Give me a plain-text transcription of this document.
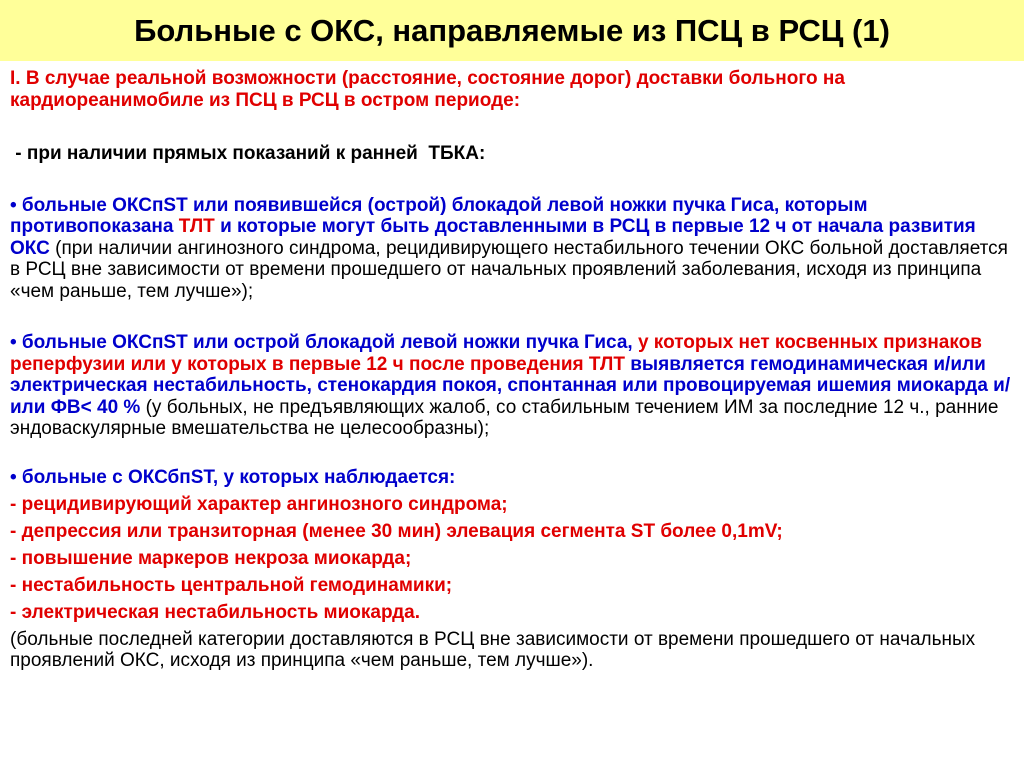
Больные с ОКС, направляемые из ПСЦ в РСЦ (1)

I. В случае реальной возможности (расстояние, состояние дорог) доставки больного на кардиореанимобиле из ПСЦ в РСЦ в остром периоде:

- при наличии прямых показаний к ранней  ТБКА:

• больные ОКСпST или появившейся (острой) блокадой левой ножки пучка Гиса, которым противопоказана ТЛТ и которые могут быть доставленными в РСЦ в первые 12 ч от начала развития ОКС (при наличии ангинозного синдрома, рецидивирующего нестабильного течении ОКС больной доставляется в РСЦ вне зависимости от времени прошедшего от начальных проявлений заболевания, исходя из принципа «чем раньше, тем лучше»);

• больные ОКСпST или острой блокадой левой ножки пучка Гиса, у которых нет косвенных признаков реперфузии или у которых в первые 12 ч после проведения ТЛТ выявляется гемодинамическая и/или электрическая нестабильность, стенокардия покоя, спонтанная или провоцируемая ишемия миокарда и/или ФВ< 40 % (у больных, не предъявляющих жалоб, со стабильным течением ИМ за последние 12 ч., ранние эндоваскулярные вмешательства не целесообразны);

• больные с ОКСбпST, у которых наблюдается:

- рецидивирующий характер ангинозного синдрома;

- депрессия или транзиторная (менее 30 мин) элевация сегмента ST более 0,1mV;

- повышение маркеров некроза миокарда;

- нестабильность центральной гемодинамики;

- электрическая нестабильность миокарда.

(больные последней категории доставляются в РСЦ вне зависимости от времени прошедшего от начальных проявлений ОКС, исходя из принципа «чем раньше, тем лучше»).
